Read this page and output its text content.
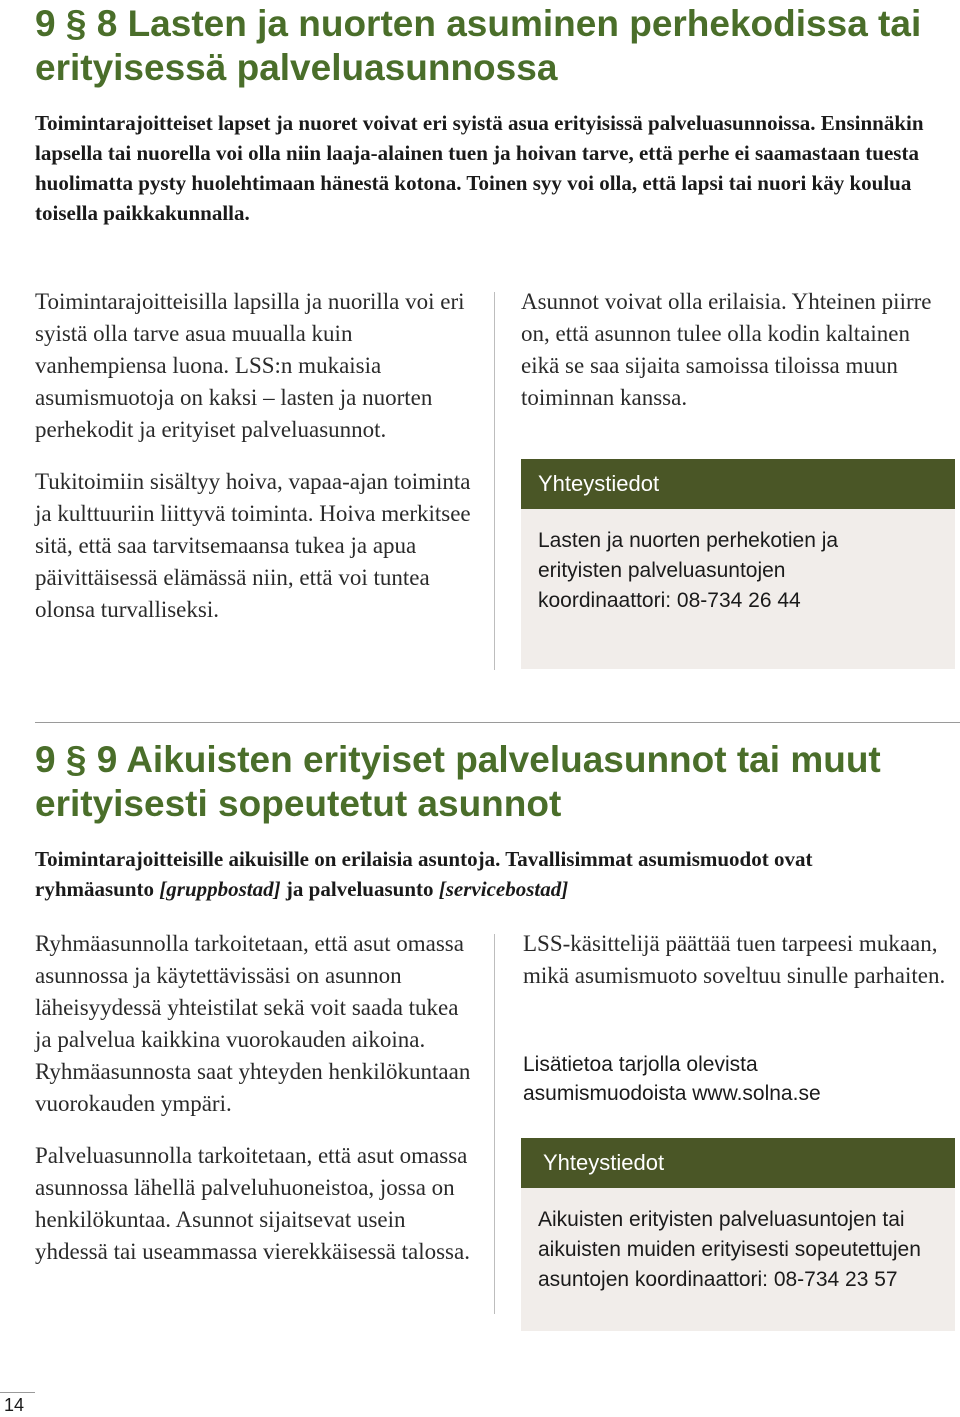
9 § 8 Lasten ja nuorten asuminen perhekodissa tai erityisessä palveluasunnossa

Toimintarajoitteiset lapset ja nuoret voivat eri syistä asua erityisissä palveluasunnoissa. Ensinnäkin lapsella tai nuorella voi olla niin laaja-alainen tuen ja hoivan tarve, että perhe ei saamastaan tuesta huolimatta pysty huolehtimaan hänestä kotona. Toinen syy voi olla, että lapsi tai nuori käy koulua toisella paikkakunnalla.

Toimintarajoitteisilla lapsilla ja nuorilla voi eri syistä olla tarve asua muualla kuin vanhempiensa luona. LSS:n mukaisia asumismuotoja on kaksi – lasten ja nuorten perhekodit ja erityiset palveluasunnot.

Tukitoimiin sisältyy hoiva, vapaa-ajan toiminta ja kulttuuriin liittyvä toiminta. Hoiva merkitsee sitä, että saa tarvitsemaansa tukea ja apua päivittäisessä elämässä niin, että voi tuntea olonsa turvalliseksi.

Asunnot voivat olla erilaisia. Yhteinen piirre on, että asunnon tulee olla kodin kaltainen eikä se saa sijaita samoissa tiloissa muun toiminnan kanssa.

Yhteystiedot
Lasten ja nuorten perhekotien ja erityisten palveluasuntojen koordinaattori: 08-734 26 44
9 § 9 Aikuisten erityiset palveluasunnot tai muut erityisesti sopeutetut asunnot

Toimintarajoitteisille aikuisille on erilaisia asuntoja. Tavallisimmat asumismuodot ovat ryhmäasunto [gruppbostad] ja palveluasunto [servicebostad]

Ryhmäasunnolla tarkoitetaan, että asut omassa asunnossa ja käytettävissäsi on asunnon läheisyydessä yhteistilat sekä voit saada tukea ja palvelua kaikkina vuorokauden aikoina. Ryhmäasunnosta saat yhteyden henkilökuntaan vuorokauden ympäri.

Palveluasunnolla tarkoitetaan, että asut omassa asunnossa lähellä palveluhuoneistoa, jossa on henkilökuntaa. Asunnot sijaitsevat usein yhdessä tai useammassa vierekkäisessä talossa.

LSS-käsittelijä päättää tuen tarpeesi mukaan, mikä asumismuoto soveltuu sinulle parhaiten.

Lisätietoa tarjolla olevista asumismuodoista www.solna.se
Yhteystiedot
Aikuisten erityisten palveluasuntojen tai aikuisten muiden erityisesti sopeutettujen asuntojen koordinaattori: 08-734 23 57
14
